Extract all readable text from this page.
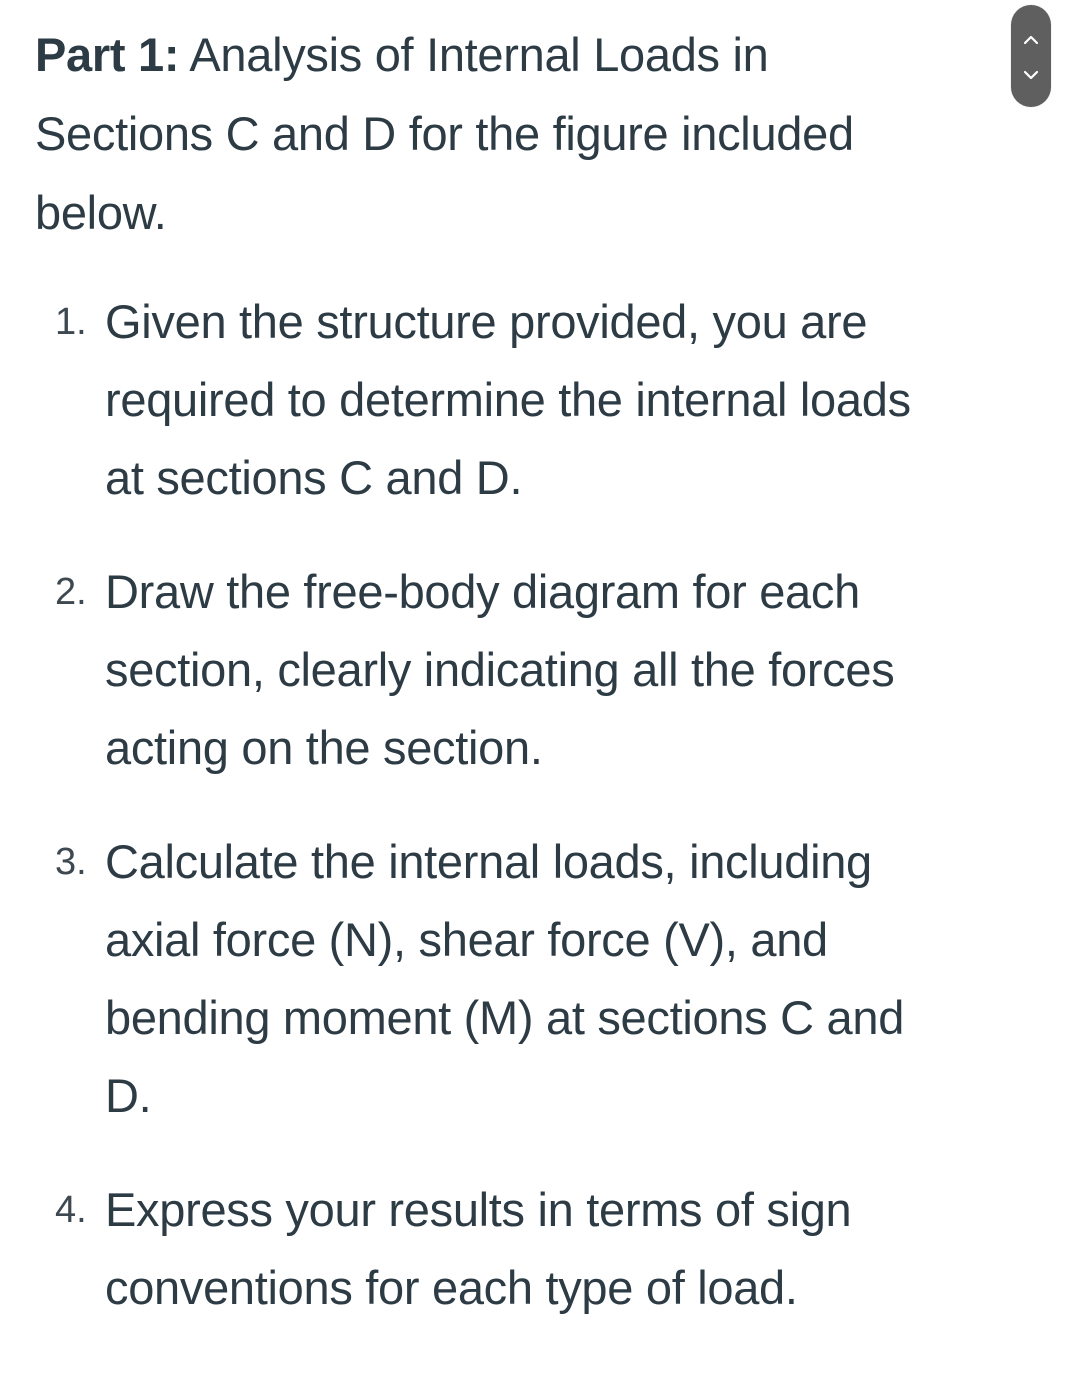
Part 1: Analysis of Internal Loads in
Sections C and D for the figure included
below.

1. Given the structure provided, you are
required to determine the internal loads
at sections C and D.
2. Draw the free-body diagram for each
section, clearly indicating all the forces
acting on the section.
3. Calculate the internal loads, including
axial force (N), shear force (V), and
bending moment (M) at sections C and
D.
4. Express your results in terms of sign
conventions for each type of load.
